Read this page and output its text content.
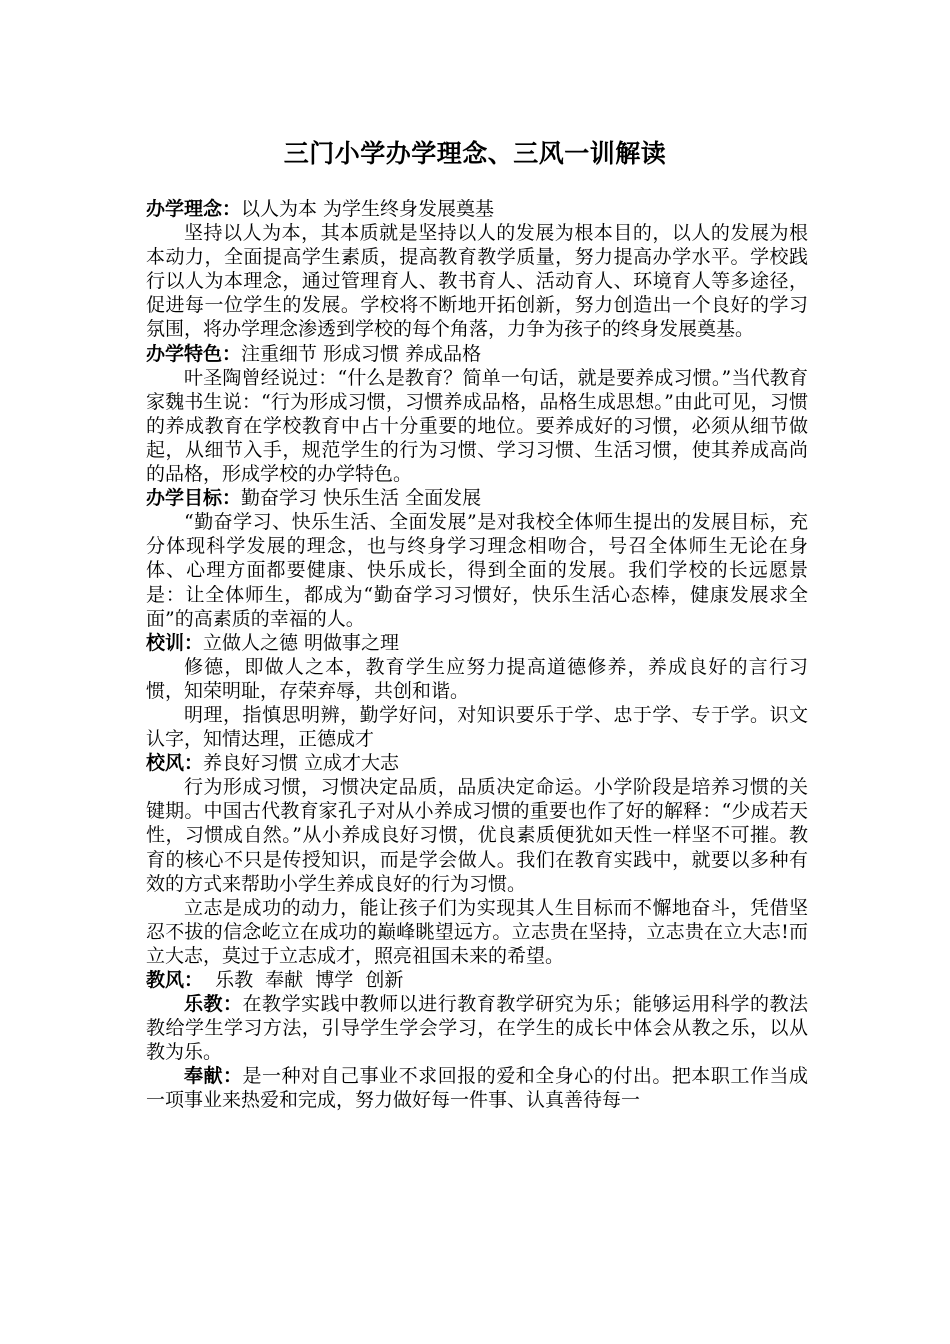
三门小学办学理念、三风一训解读

办学理念：以人为本 为学生终身发展奠基

坚持以人为本，其本质就是坚持以人的发展为根本目的，以人的发展为根本动力，全面提高学生素质，提高教育教学质量，努力提高办学水平。学校践行以人为本理念，通过管理育人、教书育人、活动育人、环境育人等多途径，促进每一位学生的发展。学校将不断地开拓创新，努力创造出一个良好的学习氛围，将办学理念渗透到学校的每个角落，力争为孩子的终身发展奠基。

办学特色：注重细节 形成习惯 养成品格

叶圣陶曾经说过：“什么是教育？简单一句话，就是要养成习惯。”当代教育家魏书生说：“行为形成习惯，习惯养成品格，品格生成思想。”由此可见，习惯的养成教育在学校教育中占十分重要的地位。要养成好的习惯，必须从细节做起，从细节入手，规范学生的行为习惯、学习习惯、生活习惯，使其养成高尚的品格，形成学校的办学特色。

办学目标：勤奋学习 快乐生活 全面发展

“勤奋学习、快乐生活、全面发展”是对我校全体师生提出的发展目标，充分体现科学发展的理念，也与终身学习理念相吻合，号召全体师生无论在身体、心理方面都要健康、快乐成长，得到全面的发展。我们学校的长远愿景是：让全体师生，都成为“勤奋学习习惯好，快乐生活心态棒，健康发展求全面”的高素质的幸福的人。

校训：立做人之德 明做事之理

修德，即做人之本，教育学生应努力提高道德修养，养成良好的言行习惯，知荣明耻，存荣弃辱，共创和谐。

明理，指慎思明辨，勤学好问，对知识要乐于学、忠于学、专于学。识文认字，知情达理，正德成才

校风：养良好习惯 立成才大志

行为形成习惯，习惯决定品质，品质决定命运。小学阶段是培养习惯的关键期。中国古代教育家孔子对从小养成习惯的重要也作了好的解释：“少成若天性，习惯成自然。”从小养成良好习惯，优良素质便犹如天性一样坚不可摧。教育的核心不只是传授知识，而是学会做人。我们在教育实践中，就要以多种有效的方式来帮助小学生养成良好的行为习惯。

立志是成功的动力，能让孩子们为实现其人生目标而不懈地奋斗，凭借坚忍不拔的信念屹立在成功的巅峰眺望远方。立志贵在坚持，立志贵在立大志!而立大志，莫过于立志成才，照亮祖国未来的希望。

教风：  乐教  奉献  博学  创新

乐教：在教学实践中教师以进行教育教学研究为乐；能够运用科学的教法教给学生学习方法，引导学生学会学习，在学生的成长中体会从教之乐，以从教为乐。

奉献：是一种对自己事业不求回报的爱和全身心的付出。把本职工作当成一项事业来热爱和完成，努力做好每一件事、认真善待每一
